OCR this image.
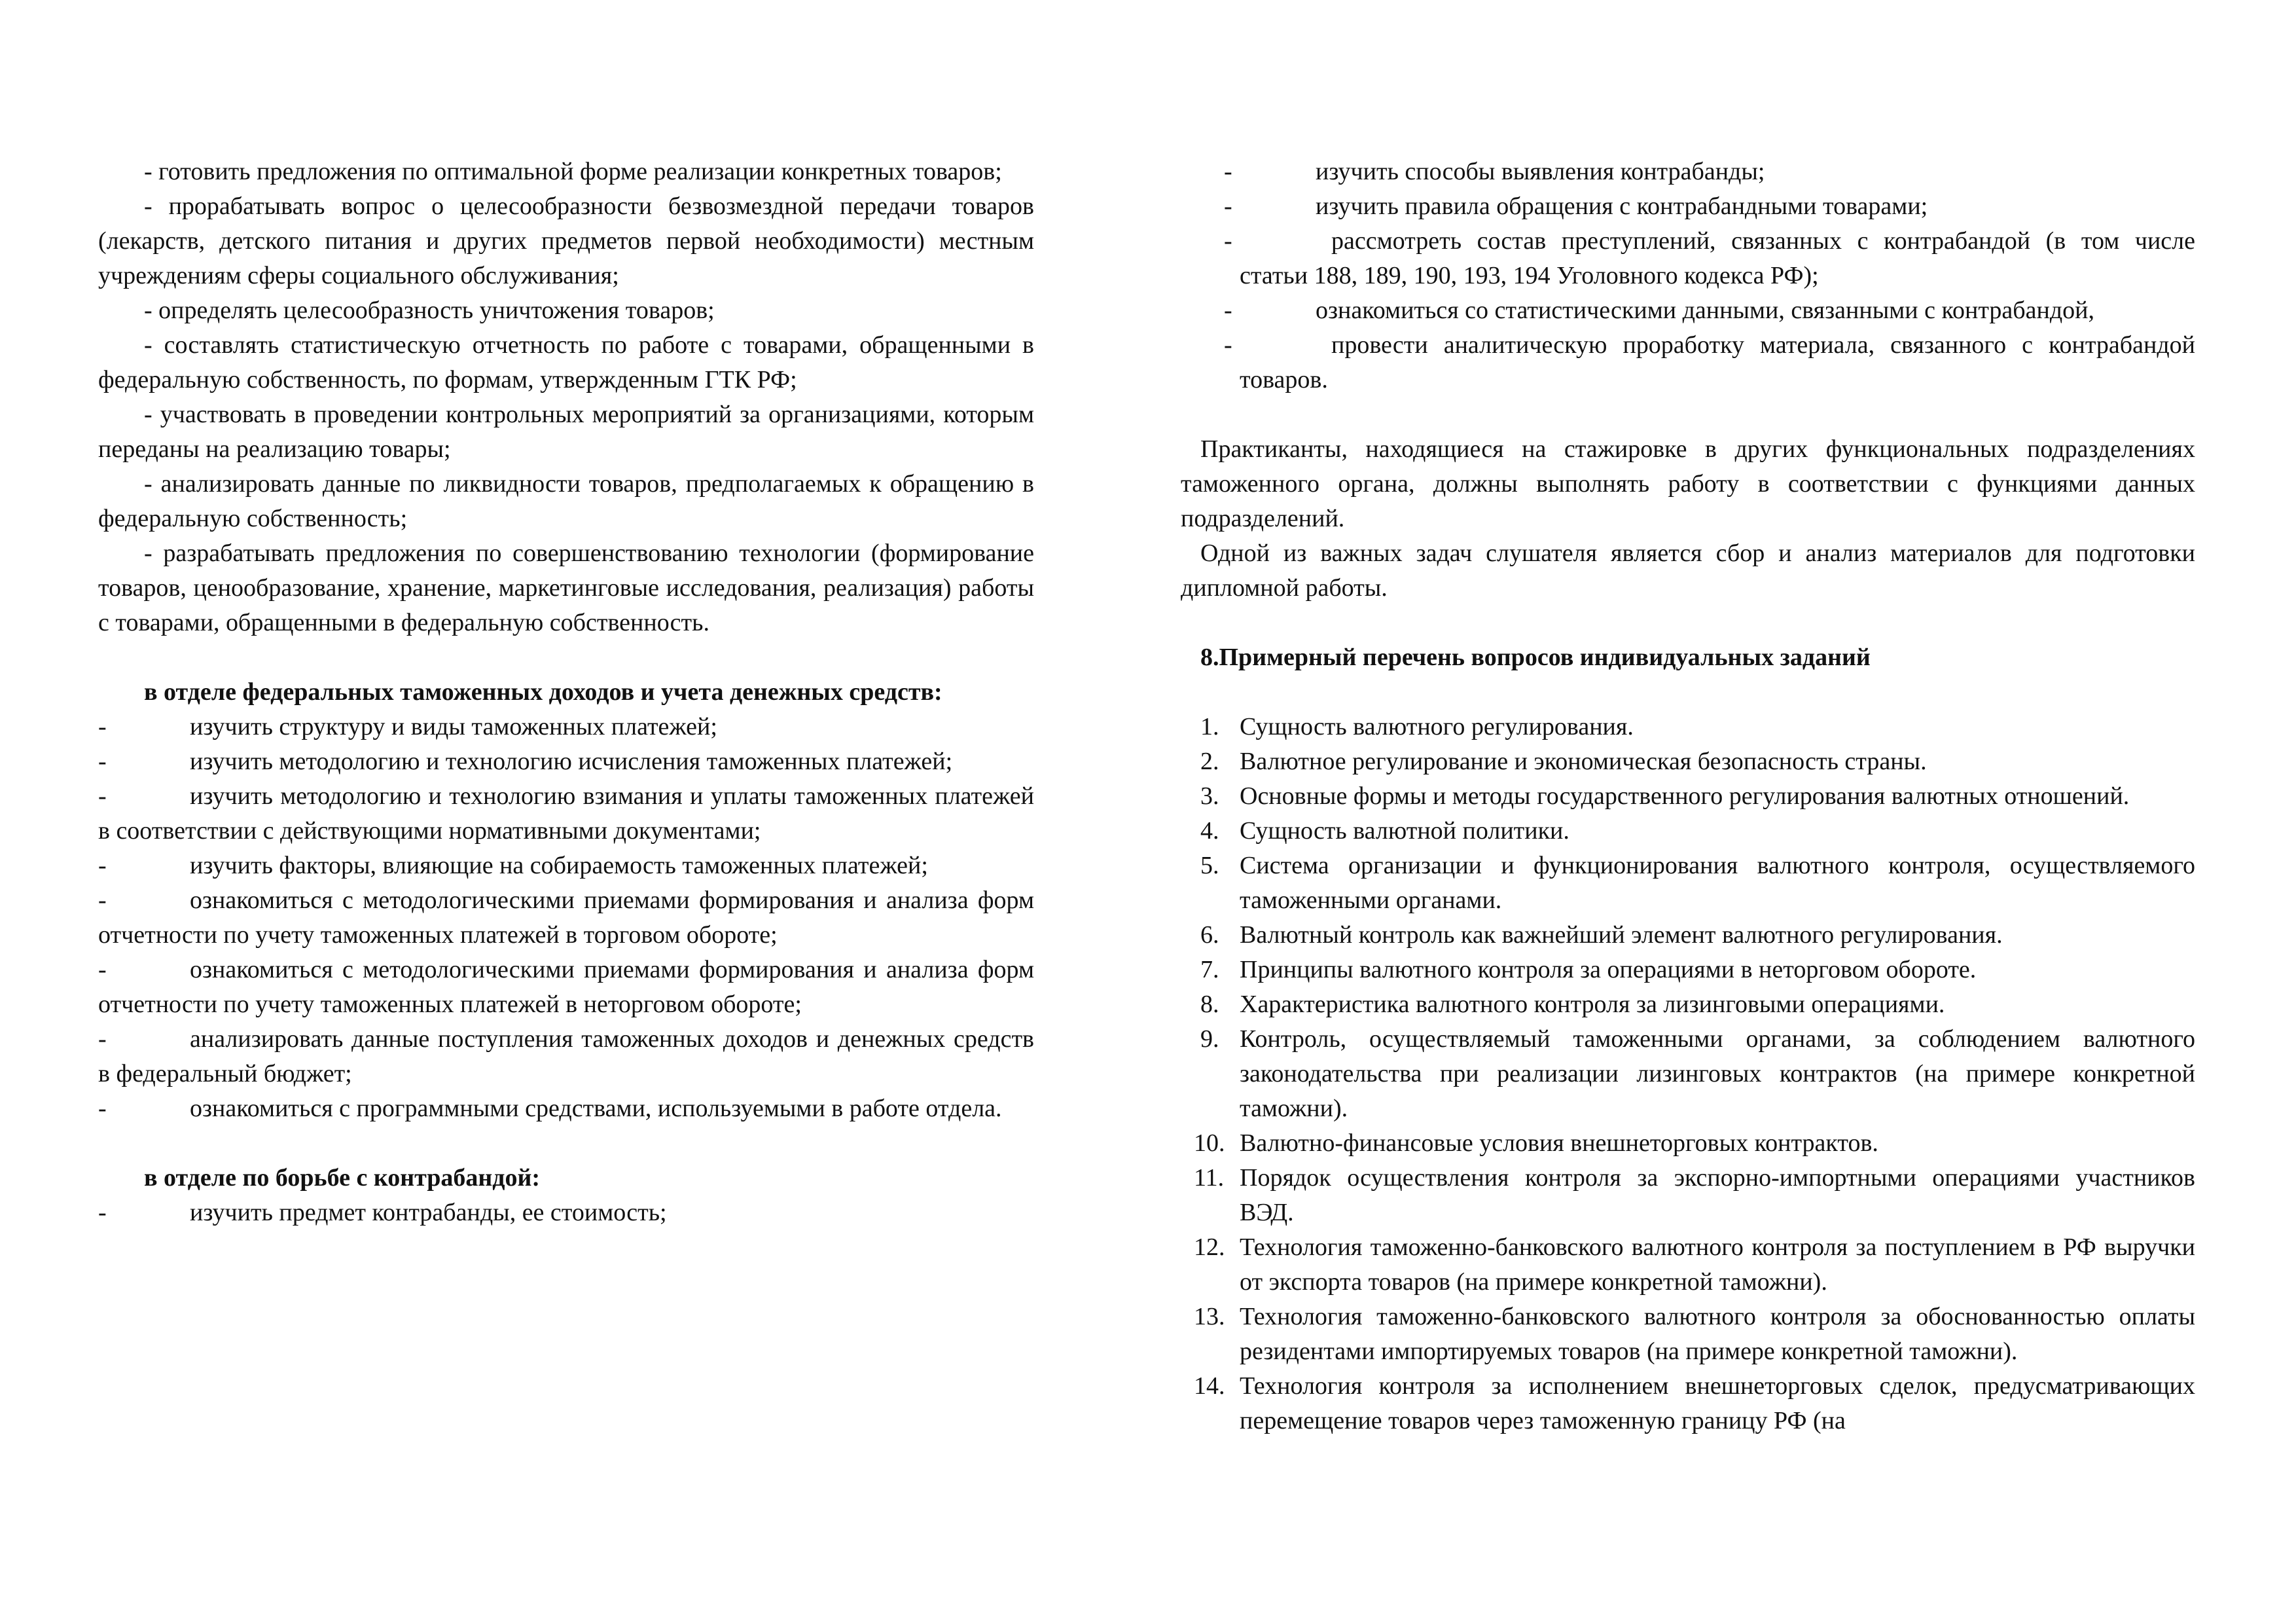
- готовить предложения по оптимальной форме реализации конкретных товаров;

- прорабатывать вопрос о целесообразности безвозмездной передачи товаров (лекарств, детского питания и других предметов первой необходимости) местным учреждениям сферы социального обслуживания;

- определять целесообразность уничтожения товаров;

- составлять статистическую отчетность по работе с товарами, обращенными в федеральную собственность, по формам, утвержденным ГТК РФ;

- участвовать в проведении контрольных мероприятий за организациями, которым переданы на реализацию товары;

- анализировать данные по ликвидности товаров, предполагаемых к обращению в федеральную собственность;

- разрабатывать предложения по совершенствованию технологии (формирование товаров, ценообразование, хранение, маркетинговые исследования, реализация) работы с товарами, обращенными в федеральную собственность.

в отделе федеральных таможенных доходов и учета денежных средств:

-	изучить структуру и виды таможенных платежей;

-	изучить методологию и технологию исчисления таможенных платежей;

-	изучить методологию и технологию взимания и уплаты таможенных платежей в соответствии с действующими нормативными документами;

-	изучить факторы, влияющие на собираемость таможенных платежей;

-	ознакомиться с методологическими приемами формирования и анализа форм отчетности по учету таможенных платежей в торговом обороте;

-	ознакомиться с методологическими приемами формирования и анализа форм отчетности по учету таможенных платежей в неторговом обороте;

-	анализировать данные поступления таможенных доходов и денежных средств в федеральный бюджет;

-	ознакомиться с программными средствами, используемыми в работе отдела.

в отделе по борьбе с контрабандой:

-	изучить предмет контрабанды, ее стоимость;

-	изучить способы выявления контрабанды;

-	изучить правила обращения с контрабандными товарами;

-	рассмотреть состав преступлений, связанных с контрабандой (в том числе статьи 188, 189, 190, 193, 194 Уголовного кодекса РФ);

-	ознакомиться со статистическими данными, связанными с контрабандой,

-	провести аналитическую проработку материала, связанного с контрабандой товаров.

Практиканты, находящиеся на стажировке в других функциональных подразделениях таможенного органа, должны выполнять работу в соответствии с функциями данных подразделений.

Одной из важных задач слушателя является сбор и анализ материалов для подготовки дипломной работы.

8.Примерный перечень вопросов индивидуальных заданий

1. Сущность валютного регулирования.
2. Валютное регулирование и экономическая безопасность страны.
3. Основные формы и методы государственного регулирования валютных отношений.
4. Сущность валютной политики.
5. Система организации и функционирования валютного контроля, осуществляемого таможенными органами.
6. Валютный контроль как важнейший элемент валютного регулирования.
7. Принципы валютного контроля за операциями в неторговом обороте.
8. Характеристика валютного контроля за лизинговыми операциями.
9. Контроль, осуществляемый таможенными органами, за соблюдением валютного законодательства при реализации лизинговых контрактов (на примере конкретной таможни).
10. Валютно-финансовые условия внешнеторговых контрактов.
11. Порядок осуществления контроля за экспорно-импортными операциями участников ВЭД.
12. Технология таможенно-банковского валютного контроля за поступлением в РФ выручки от экспорта товаров (на примере конкретной таможни).
13. Технология таможенно-банковского валютного контроля за обоснованностью оплаты резидентами импортируемых товаров (на примере конкретной таможни).
14. Технология контроля за исполнением внешнеторговых сделок, предусматривающих перемещение товаров через таможенную границу РФ (на
